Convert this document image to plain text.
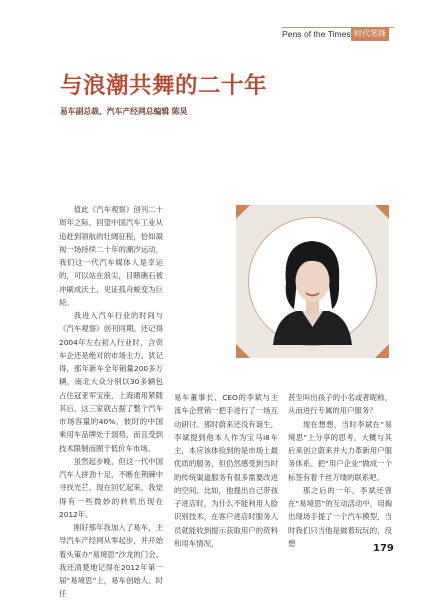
Pens of the Times 时代笔锋
与浪潮共舞的二十年
易车副总裁、汽车产经网总编辑 陈昊

值此《汽车观察》创刊二十周年之际，回望中国汽车工业从追赶到领航的壮阔征程，恰如凝视一场持续二十年的潮汐运动，我们这一代汽车媒体人是幸运的，可以站在浪尖，目睹礁石被冲刷成沃土，见证孤舟蜕变为巨轮。

我进入汽车行业的时间与《汽车观察》创刊同期。还记得2004年左右初入行业时，合资车企还是绝对的市场主力。犹记得，那年新车全年销量200多万辆，南北大众分别以30多辆包占住冠亚军宝座，上海通用紧随其后，这三家就占据了整个汽车市场容量的40%。彼时的中国乘用车品牌处于弱势，而且受到技术限制而囿于低价车市场。

虽然起步晚，但这一代中国汽车人拼劲十足，不断在荆棘中寻找光芒。现在回忆起来，我觉得有一些微妙的转机出现在2012年。

刚好那年我加入了易车，主导汽车产经网从零起步，并开始着头策办“易境思”沙龙的门会。我还清楚地记得在2012年第一届“易境思”上，易车创始人、时任

易车董事长、CEO的李斌与主流车企营销一把手进行了一场互动研讨。那时蔚来还没有诞生，李斌提到他本人作为宝马i8车主，本应该体验到的是市场上最优质的服务，但仍然感受到当时的传统渠道服务有很多需要改进的空间。比如，他提出自己带孩子进店时，为什么不能利用人脸识别技术，在客户进店时服务人员就能收到提示获取用户的资料和用车情况，

甚至叫出孩子的小名或者昵称，从而进行专属的用户服务？

现在想想，当时李斌在“易境思”上分享的思考，大概与其后来创立蔚来并大力革新用户服务体系、把“用户企业”做成一个标签有着千丝万缕的联系吧。

那之后的一年，李斌还曾在“易境思”的互动活动中，用掏出现场手提了一个汽车模型，当时我们只当他是做着玩玩的，没想	179
